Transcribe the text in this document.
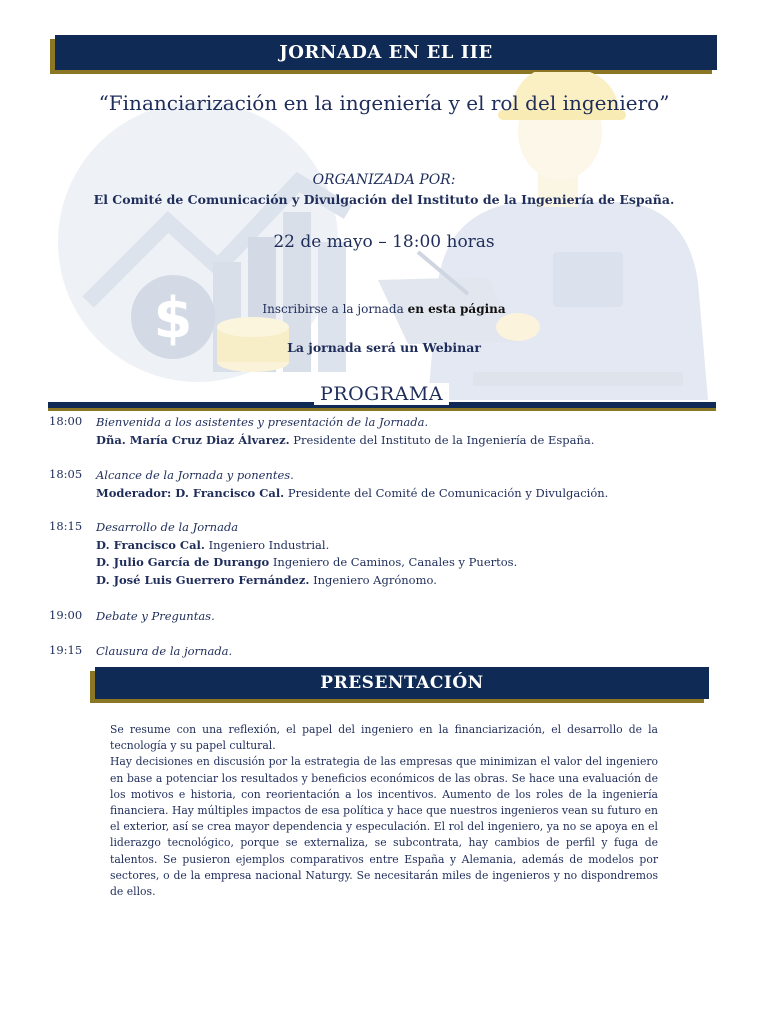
JORNADA EN EL IIE
$
“Financiarización en la ingeniería y el rol del ingeniero”
ORGANIZADA POR:
El Comité de Comunicación y Divulgación del Instituto de la Ingeniería de España.
22 de mayo – 18:00 horas
Inscribirse a la jornada en esta página
La jornada será un Webinar
PROGRAMA
18:00	Bienvenida a los asistentes y presentación de la Jornada.
Dña. María Cruz Diaz Álvarez. Presidente del Instituto de la Ingeniería de España.
18:05	Alcance de la Jornada y ponentes.
Moderador: D. Francisco Cal. Presidente del Comité de Comunicación y Divulgación.
18:15	Desarrollo de la Jornada
D. Francisco Cal. Ingeniero Industrial.
D. Julio García de Durango Ingeniero de Caminos, Canales y Puertos.
D. José Luis Guerrero Fernández. Ingeniero Agrónomo.
19:00	Debate y Preguntas.
19:15	Clausura de la jornada.
PRESENTACIÓN

Se resume con una reflexión, el papel del ingeniero en la financiarización, el desarrollo de la tecnología y su papel cultural.

Hay decisiones en discusión por la estrategia de las empresas que minimizan el valor del ingeniero en base a potenciar los resultados y beneficios económicos de las obras. Se hace una evaluación de los motivos e historia, con reorientación a los incentivos. Aumento de los roles de la ingeniería financiera. Hay múltiples impactos de esa política y hace que nuestros ingenieros vean su futuro en el exterior, así se crea mayor dependencia y especulación. El rol del ingeniero, ya no se apoya en el liderazgo tecnológico, porque se externaliza, se subcontrata, hay cambios de perfil y fuga de talentos. Se pusieron ejemplos comparativos entre España y Alemania, además de modelos por sectores, o de la empresa nacional Naturgy. Se necesitarán miles de ingenieros y no dispondremos de ellos.
